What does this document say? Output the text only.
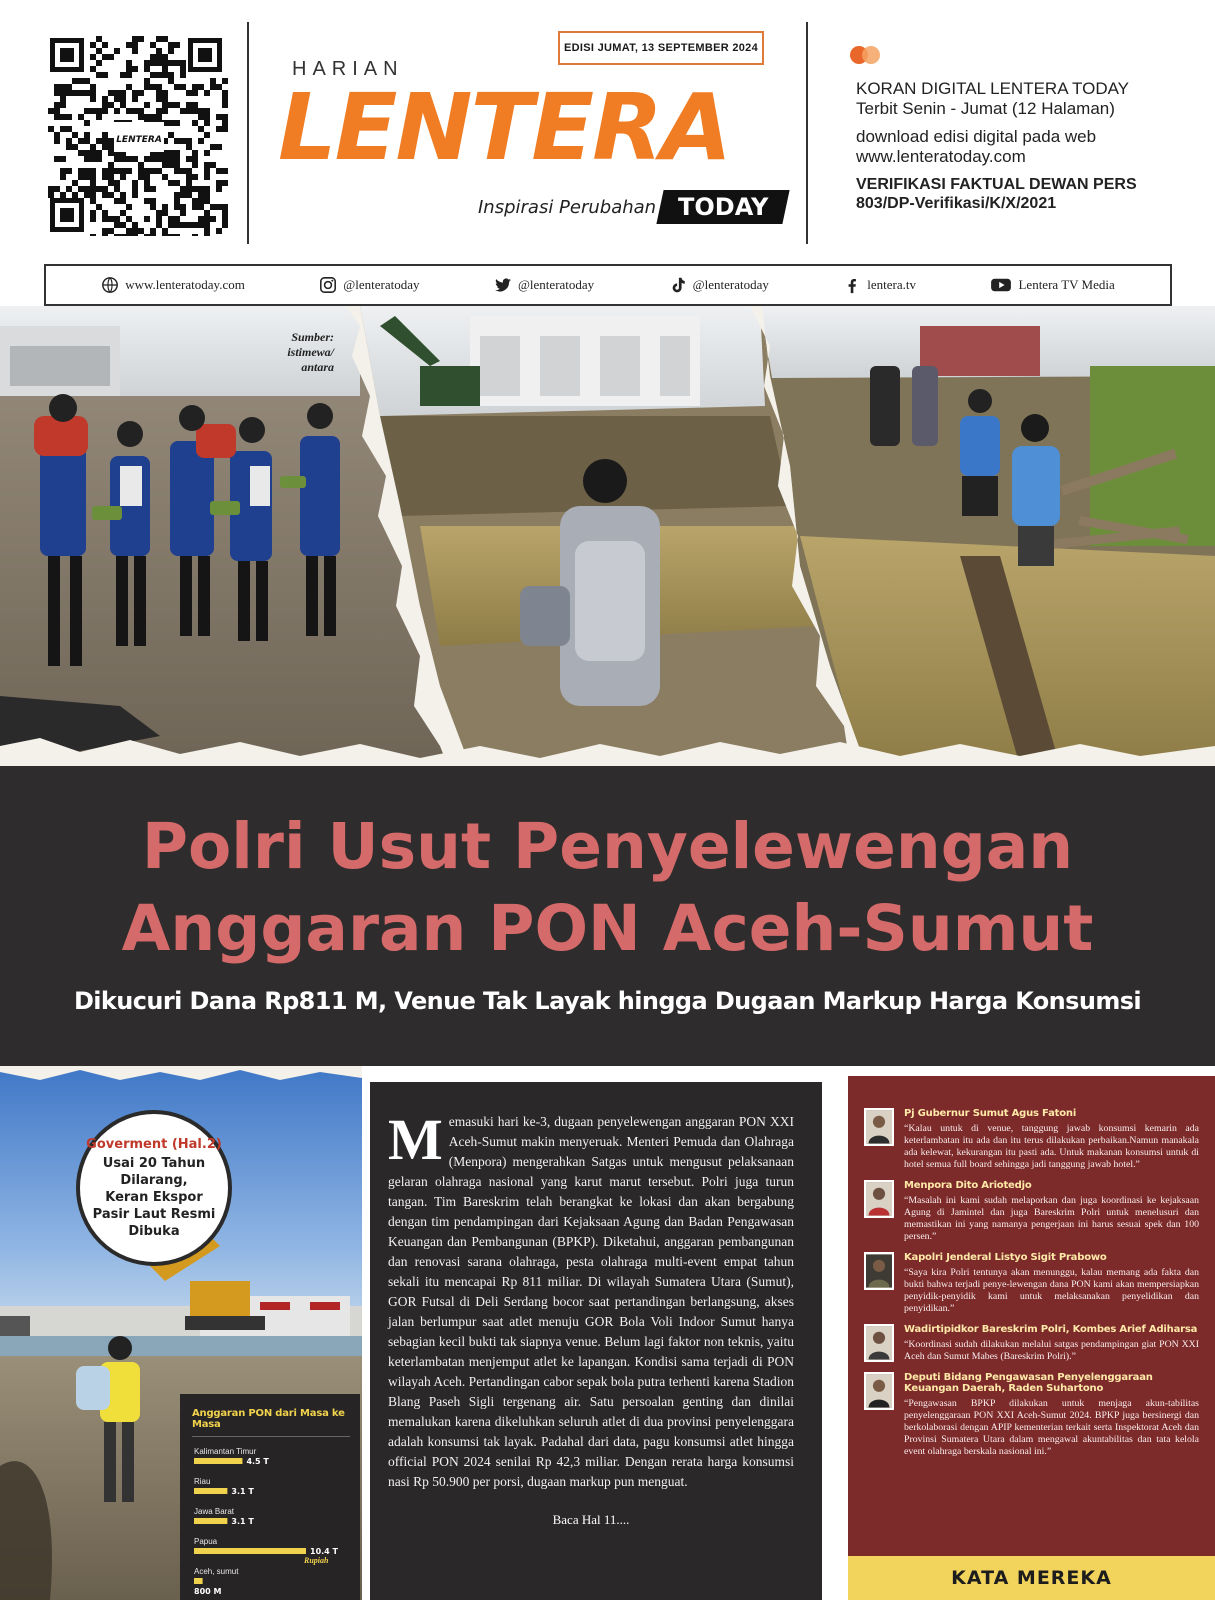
LENTERA
EDISI JUMAT, 13 SEPTEMBER 2024
HARIAN
LENTERA
Inspirasi Perubahan TODAY
KORAN DIGITAL LENTERA TODAY
Terbit Senin - Jumat (12 Halaman)
download edisi digital pada web
www.lenteratoday.com
VERIFIKASI FAKTUAL DEWAN PERS
803/DP-Verifikasi/K/X/2021
www.lenteratoday.com	@lenteratoday	@lenteratoday	@lenteratoday	lentera.tv	Lentera TV Media
Sumber: istimewa/ antara
Polri Usut Penyelewengan
Anggaran PON Aceh-Sumut
Dikucuri Dana Rp811 M, Venue Tak Layak hingga Dugaan Markup Harga Konsumsi
Goverment (Hal.2)
Usai 20 Tahun
Dilarang,
Keran Ekspor
Pasir Laut Resmi
Dibuka
Anggaran PON dari Masa ke Masa
Kalimantan Timur
4.5 T
Riau
3.1 T
Jawa Barat
3.1 T
Papua
10.4 T
Aceh, sumut
800 M
Rupiah
Memasuki hari ke-3, dugaan penyelewengan anggaran PON XXI Aceh-Sumut makin menyeruak. Menteri Pemuda dan Olahraga (Menpora) mengerahkan Satgas untuk mengusut pelaksanaan gelaran olahraga nasional yang karut marut tersebut. Polri juga turun tangan. Tim Bareskrim telah berangkat ke lokasi dan akan bergabung dengan tim pendampingan dari Kejaksaan Agung dan Badan Pengawasan Keuangan dan Pembangunan (BPKP). Diketahui, anggaran pembangunan dan renovasi sarana olahraga, pesta olahraga multi-event empat tahun sekali itu mencapai Rp 811 miliar. Di wilayah Sumatera Utara (Sumut), GOR Futsal di Deli Serdang bocor saat pertandingan berlangsung, akses jalan berlumpur saat atlet menuju GOR Bola Voli Indoor Sumut hanya sebagian kecil bukti tak siapnya venue. Belum lagi faktor non teknis, yaitu keterlambatan menjemput atlet ke lapangan. Kondisi sama terjadi di PON wilayah Aceh. Pertandingan cabor sepak bola putra terhenti karena Stadion Blang Paseh Sigli tergenang air. Satu persoalan genting dan dinilai memalukan karena dikeluhkan seluruh atlet di dua provinsi penyelenggara adalah konsumsi tak layak. Padahal dari data, pagu konsumsi atlet hingga official PON 2024 senilai Rp 42,3 miliar. Dengan rerata harga konsumsi nasi Rp 50.900 per porsi, dugaan markup pun menguat.
Baca Hal 11....
Pj Gubernur Sumut Agus Fatoni
“Kalau untuk di venue, tanggung jawab konsumsi kemarin ada keterlambatan itu ada dan itu terus dilakukan perbaikan.Namun manakala ada kelewat, kekurangan itu pasti ada. Untuk makanan konsumsi untuk di hotel semua full board sehingga jadi tanggung jawab hotel.”
Menpora Dito Ariotedjo
“Masalah ini kami sudah melaporkan dan juga koordinasi ke kejaksaan Agung di Jamintel dan juga Bareskrim Polri untuk menelusuri dan memastikan ini yang namanya pengerjaan ini harus sesuai spek dan 100 persen.”
Kapolri Jenderal Listyo Sigit Prabowo
“Saya kira Polri tentunya akan menunggu, kalau memang ada fakta dan bukti bahwa terjadi penye-lewengan dana PON kami akan mempersiapkan penyidik-penyidik kami untuk melaksanakan penyelidikan dan penyidikan.”
Wadirtipidkor Bareskrim Polri, Kombes Arief Adiharsa
“Koordinasi sudah dilakukan melalui satgas pendampingan giat PON XXI Aceh dan Sumut Mabes (Bareskrim Polri).”
Deputi Bidang Pengawasan Penyelenggaraan Keuangan Daerah, Raden Suhartono
“Pengawasan BPKP dilakukan untuk menjaga akun-tabilitas penyelenggaraan PON XXI Aceh-Sumut 2024. BPKP juga bersinergi dan berkolaborasi dengan APIP kementerian terkait serta Inspektorat Aceh dan Provinsi Sumatera Utara dalam mengawal akuntabilitas dan tata kelola event olahraga berskala nasional ini.”
KATA MEREKA
